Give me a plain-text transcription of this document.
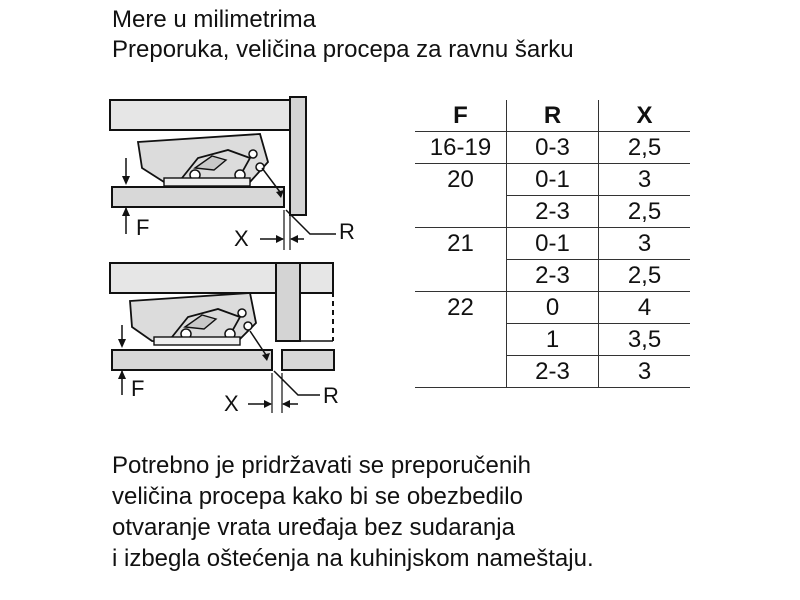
Mere u milimetrima
Preporuka, veličina procepa za ravnu šarku
F	X	R
F
X	R
F	R	X
16-19	0-3	2,5
20	0-1	3
	2-3	2,5
21	0-1	3
	2-3	2,5
22	0	4
	1	3,5
	2-3	3

Potrebno je pridržavati se preporučenih

veličina procepa kako bi se obezbedilo

otvaranje vrata uređaja bez sudaranja

i izbegla oštećenja na kuhinjskom nameštaju.
